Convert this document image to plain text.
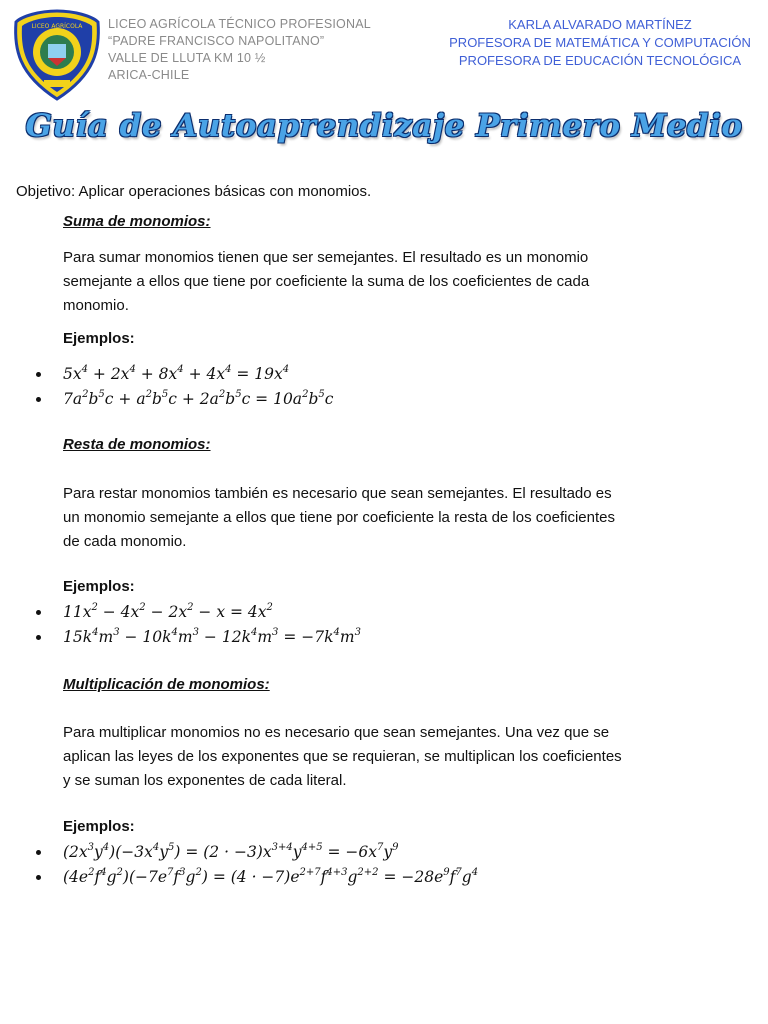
LICEO AGRÍCOLA LICEO AGRÍCOLA TÉCNICO PROFESIONAL
“PADRE FRANCISCO NAPOLITANO”
VALLE DE LLUTA KM 10 ½
ARICA-CHILE
KARLA ALVARADO MARTÍNEZ
PROFESORA DE MATEMÁTICA Y COMPUTACIÓN
PROFESORA DE EDUCACIÓN TECNOLÓGICA
Guía de Autoaprendizaje Primero Medio
Objetivo: Aplicar operaciones básicas con monomios.
Suma de monomios:
Para sumar monomios tienen que ser semejantes. El resultado es un monomio
semejante a ellos que tiene por coeficiente la suma de los coeficientes de cada
monomio.
Ejemplos:
$5x^4 + 2x^4 + 8x^4 + 4x^4 = 19x^4$
$7a^2b^5c + a^2b^5c + 2a^2b^5c = 10a^2b^5c$
Resta de monomios:
Para restar monomios también es necesario que sean semejantes. El resultado es
un monomio semejante a ellos que tiene por coeficiente la resta de los coeficientes
de cada monomio.
Ejemplos:
$11x^2 - 4x^2 - 2x^2 - x = 4x^2$
$15k^4m^3 - 10k^4m^3 - 12k^4m^3 = -7k^4m^3$
Multiplicación de monomios:
Para multiplicar monomios no es necesario que sean semejantes. Una vez que se
aplican las leyes de los exponentes que se requieran, se multiplican los coeficientes
y se suman los exponentes de cada literal.
Ejemplos:
$(2x^3y^4)(-3x^4y^5) = (2 \cdot -3)x^{3+4}y^{4+5} = -6x^7y^9$
$(4e^2f^4g^2)(-7e^7f^3g^2) = (4 \cdot -7)e^{2+7}f^{4+3}g^{2+2} = -28e^9f^7g^4$
